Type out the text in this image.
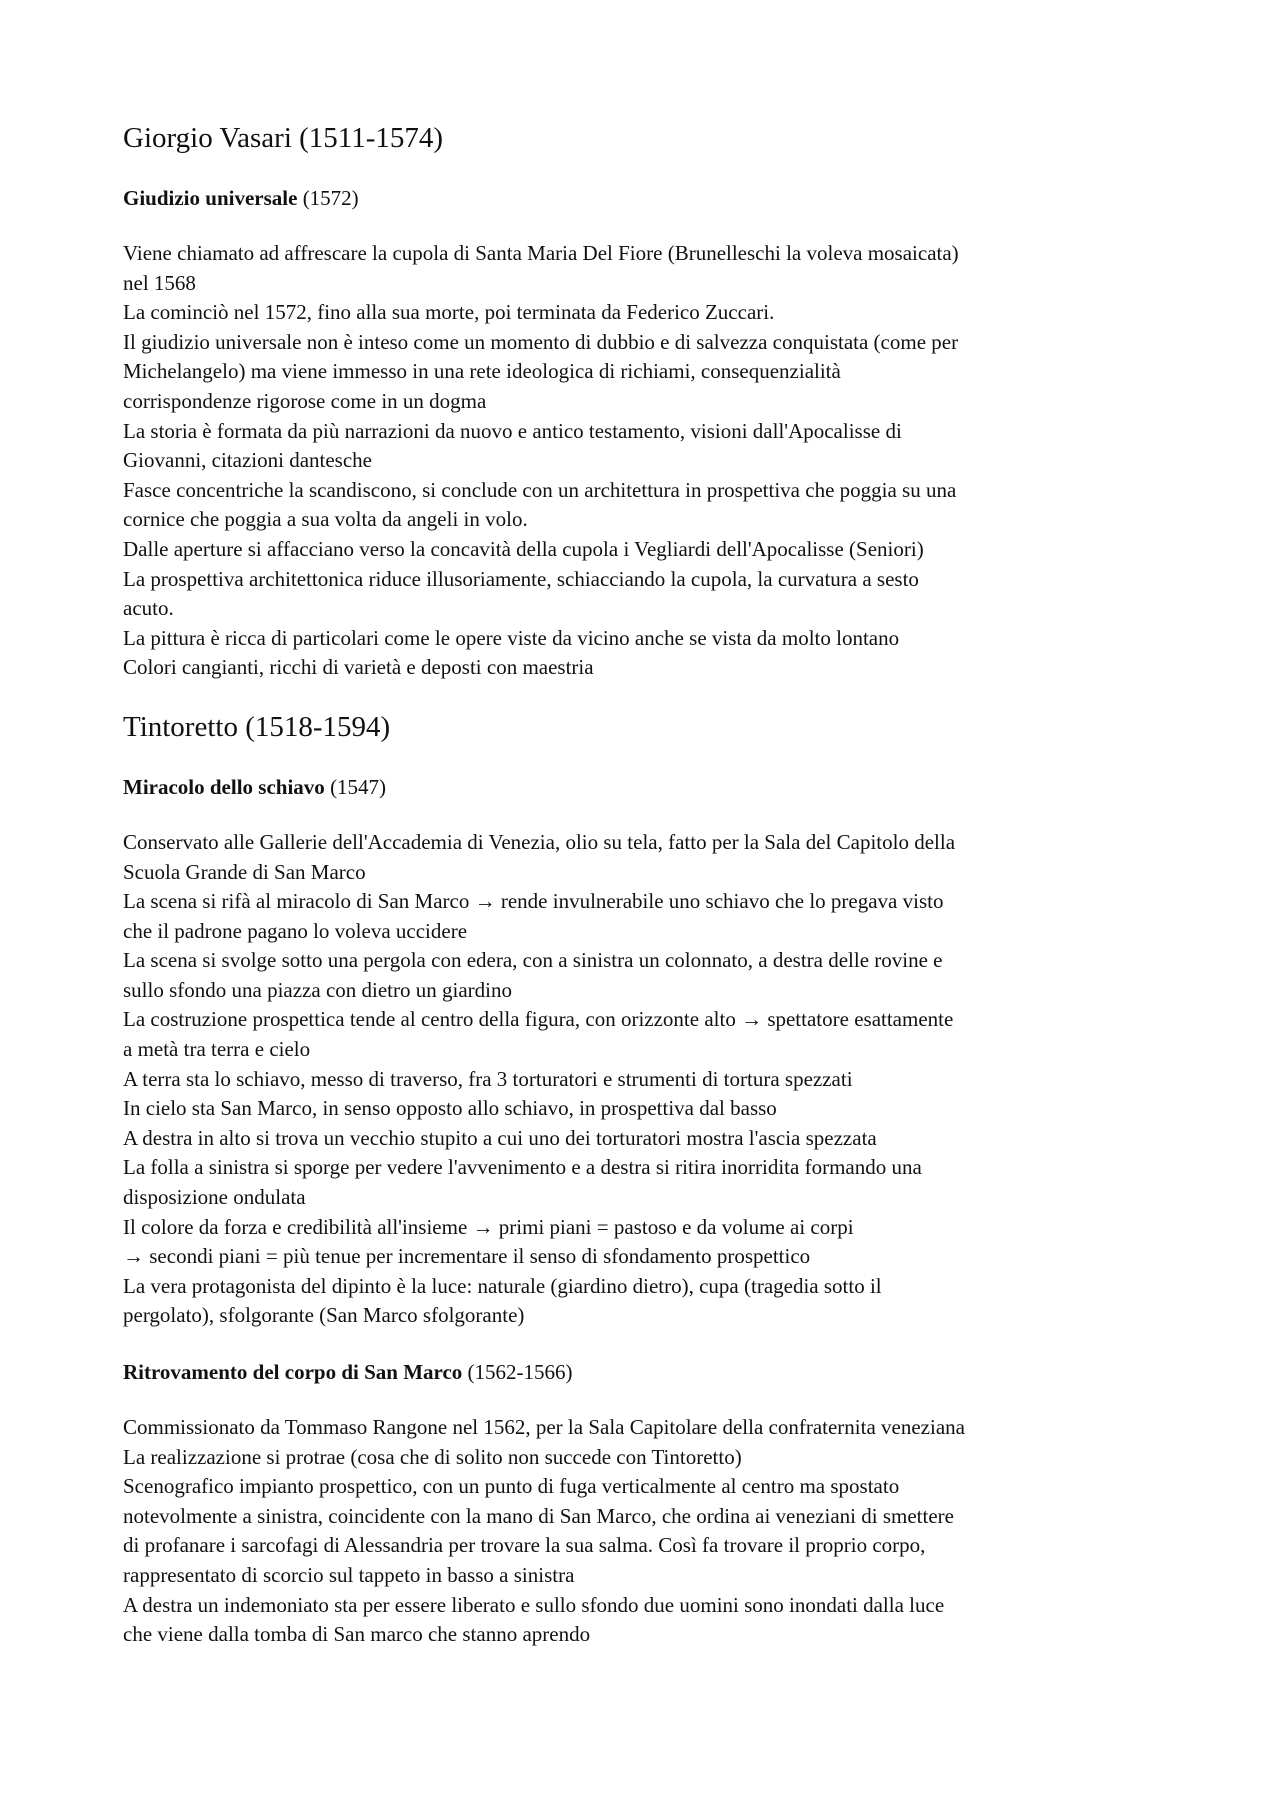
Giorgio Vasari (1511-1574)

Giudizio universale (1572)

Viene chiamato ad affrescare la cupola di Santa Maria Del Fiore (Brunelleschi la voleva mosaicata)
nel 1568
La cominciò nel 1572, fino alla sua morte, poi terminata da Federico Zuccari.
Il giudizio universale non è inteso come un momento di dubbio e di salvezza conquistata (come per
Michelangelo) ma viene immesso in una rete ideologica di richiami, consequenzialità
corrispondenze rigorose come in un dogma
La storia è formata da più narrazioni da nuovo e antico testamento, visioni dall'Apocalisse di
Giovanni, citazioni dantesche
Fasce concentriche la scandiscono, si conclude con un architettura in prospettiva che poggia su una
cornice che poggia a sua volta da angeli in volo.
Dalle aperture si affacciano verso la concavità della cupola i Vegliardi dell'Apocalisse (Seniori)
La prospettiva architettonica riduce illusoriamente, schiacciando la cupola, la curvatura a sesto
acuto.
La pittura è ricca di particolari come le opere viste da vicino anche se vista da molto lontano
Colori cangianti, ricchi di varietà e deposti con maestria
Tintoretto (1518-1594)

Miracolo dello schiavo (1547)

Conservato alle Gallerie dell'Accademia di Venezia, olio su tela, fatto per la Sala del Capitolo della
Scuola Grande di San Marco
La scena si rifà al miracolo di San Marco → rende invulnerabile uno schiavo che lo pregava visto
che il padrone pagano lo voleva uccidere
La scena si svolge sotto una pergola con edera, con a sinistra un colonnato, a destra delle rovine e
sullo sfondo una piazza con dietro un giardino
La costruzione prospettica tende al centro della figura, con orizzonte alto → spettatore esattamente
a metà tra terra e cielo
A terra sta lo schiavo, messo di traverso, fra 3 torturatori e strumenti di tortura spezzati
In cielo sta San Marco, in senso opposto allo schiavo, in prospettiva dal basso
A destra in alto si trova un vecchio stupito a cui uno dei torturatori mostra l'ascia spezzata
La folla a sinistra si sporge per vedere l'avvenimento e a destra si ritira inorridita formando una
disposizione ondulata
Il colore da forza e credibilità all'insieme → primi piani = pastoso e da volume ai corpi
→ secondi piani = più tenue per incrementare il senso di sfondamento prospettico
La vera protagonista del dipinto è la luce: naturale (giardino dietro), cupa (tragedia sotto il
pergolato), sfolgorante (San Marco sfolgorante)

Ritrovamento del corpo di San Marco (1562-1566)

Commissionato da Tommaso Rangone nel 1562, per la Sala Capitolare della confraternita veneziana
La realizzazione si protrae (cosa che di solito non succede con Tintoretto)
Scenografico impianto prospettico, con un punto di fuga verticalmente al centro ma spostato
notevolmente a sinistra, coincidente con la mano di San Marco, che ordina ai veneziani di smettere
di profanare i sarcofagi di Alessandria per trovare la sua salma. Così fa trovare il proprio corpo,
rappresentato di scorcio sul tappeto in basso a sinistra
A destra un indemoniato sta per essere liberato e sullo sfondo due uomini sono inondati dalla luce
che viene dalla tomba di San marco che stanno aprendo
